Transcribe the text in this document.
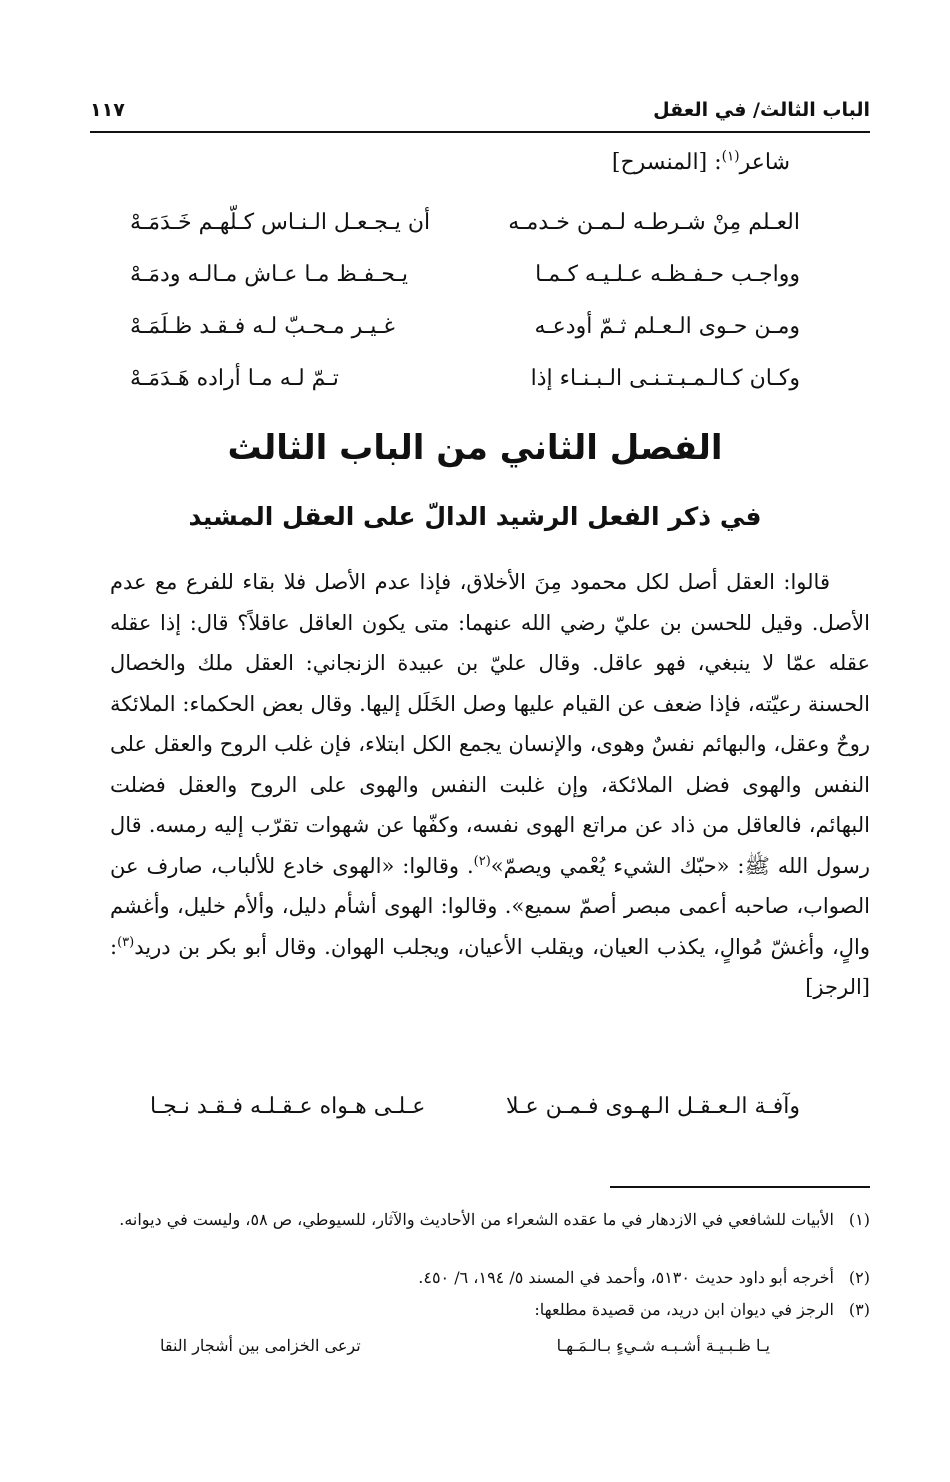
الباب الثالث/ في العقل
١١٧
شاعر$^{(١)}$: [المنسرح]
العـلم مِنْ شـرطـه لـمـن خـدمـه
أن يـجـعـل الـنـاس كـلّهـم خَـدَمَـهْ
وواجـب حـفـظـه عـلـيـه كـمـا
يـحـفـظ مـا عـاش مـالـه ودمَـهْ
ومـن حـوى الـعـلم ثـمّ أودعـه
غـيـر مـحـبّ لـه فـقـد ظـلَمَـهْ
وكـان كـالـمـبـتـنـى الـبـنـاء إذا
تـمّ لـه مـا أراده هَـدَمَـهْ
الفصل الثاني من الباب الثالث
في ذكر الفعل الرشيد الدالّ على العقل المشيد

قالوا: العقل أصل لكل محمود مِنَ الأخلاق، فإذا عدم الأصل فلا بقاء للفرع مع عدم الأصل. وقيل للحسن بن عليّ رضي الله عنهما: متى يكون العاقل عاقلاً؟ قال: إذا عقله عقله عمّا لا ينبغي، فهو عاقل. وقال عليّ بن عبيدة الزنجاني: العقل ملك والخصال الحسنة رعيّته، فإذا ضعف عن القيام عليها وصل الخَلَل إليها. وقال بعض الحكماء: الملائكة روحٌ وعقل، والبهائم نفسٌ وهوى، والإنسان يجمع الكل ابتلاء، فإن غلب الروح والعقل على النفس والهوى فضل الملائكة، وإن غلبت النفس والهوى على الروح والعقل فضلت البهائم، فالعاقل من ذاد عن مراتع الهوى نفسه، وكفّها عن شهوات تقرّب إليه رمسه. قال رسول الله ﷺ: «حبّك الشيء يُعْمي ويصمّ»$^{(٢)}$. وقالوا: «الهوى خادع للألباب، صارف عن الصواب، صاحبه أعمى مبصر أصمّ سميع». وقالوا: الهوى أشأم دليل، وألأم خليل، وأغشم والٍ، وأغشّ مُوالٍ، يكذب العيان، ويقلب الأعيان، ويجلب الهوان. وقال أبو بكر بن دريد$^{(٣)}$: [الرجز]

وآفـة الـعـقـل الـهـوى فـمـن عـلا
عـلـى هـواه عـقـلـه فـقـد نـجـا
(١)
الأبيات للشافعي في الازدهار في ما عقده الشعراء من الأحاديث والآثار، للسيوطي، ص ٥٨، وليست في ديوانه.
(٢)
أخرجه أبو داود حديث ٥١٣٠، وأحمد في المسند ٥/ ١٩٤، ٦/ ٤٥٠.
(٣)
الرجز في ديوان ابن دريد، من قصيدة مطلعها:
يـا ظـبـيـة أشـبـه شـيءٍ بـالـمَـهـا
ترعى الخزامى بين أشجار النقا
